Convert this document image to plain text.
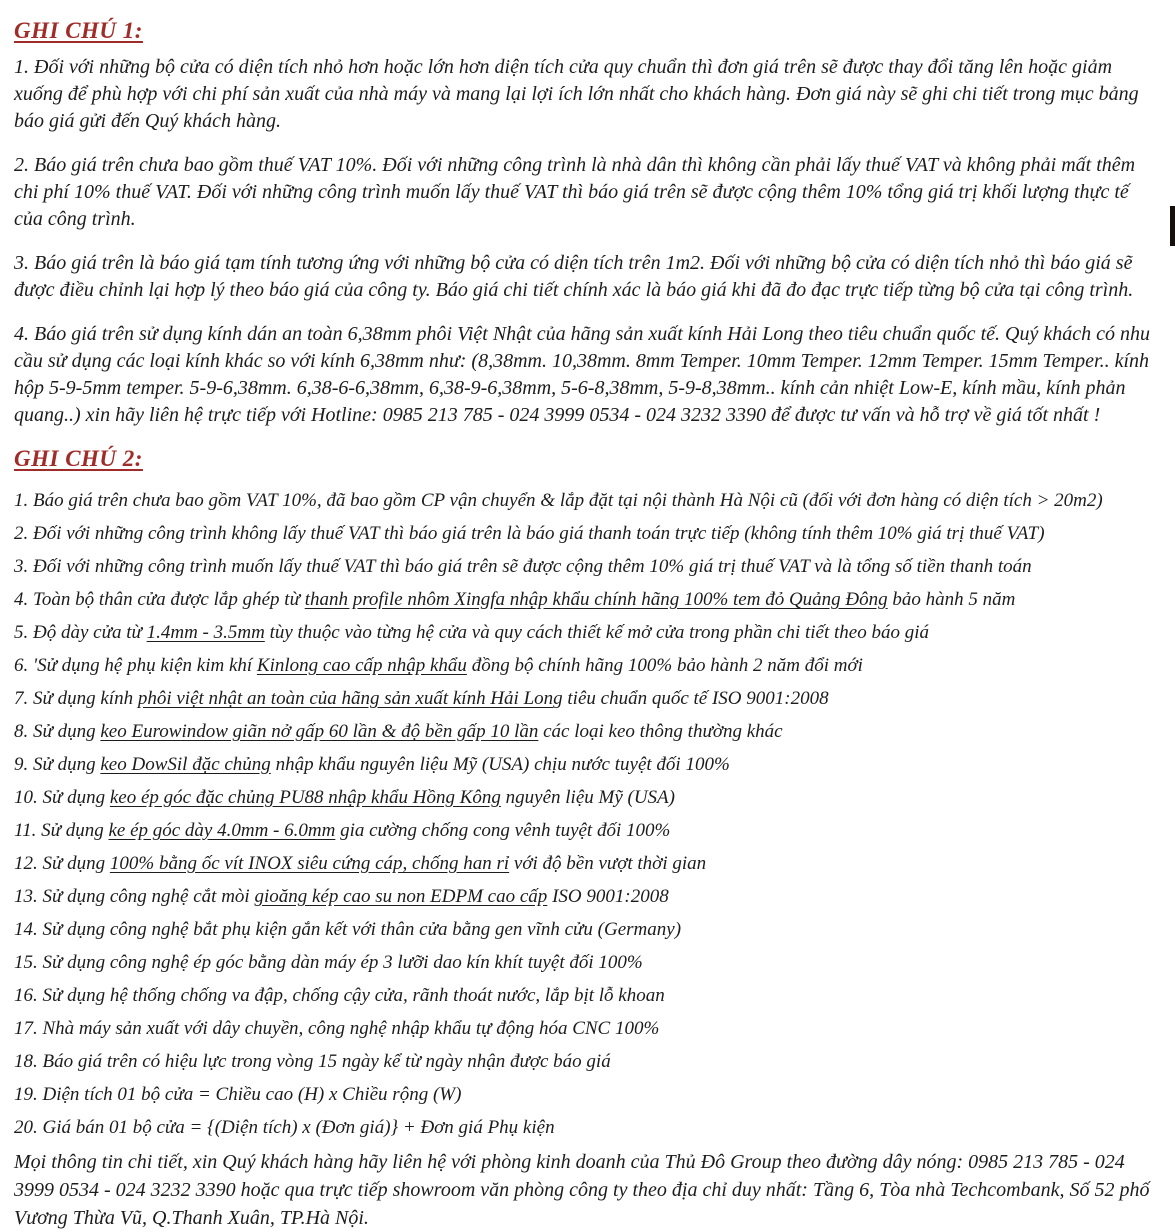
GHI CHÚ 1:

1. Đối với những bộ cửa có diện tích nhỏ hơn hoặc lớn hơn diện tích cửa quy chuẩn thì đơn giá trên sẽ được thay đổi tăng lên hoặc giảm xuống để phù hợp với chi phí sản xuất của nhà máy và mang lại lợi ích lớn nhất cho khách hàng. Đơn giá này sẽ ghi chi tiết trong mục bảng báo giá gửi đến Quý khách hàng.

2. Báo giá trên chưa bao gồm thuế VAT 10%. Đối với những công trình là nhà dân thì không cần phải lấy thuế VAT và không phải mất thêm chi phí 10% thuế VAT. Đối với những công trình muốn lấy thuế VAT thì báo giá trên sẽ được cộng thêm 10% tổng giá trị khối lượng thực tế của công trình.

3. Báo giá trên là báo giá tạm tính tương ứng với những bộ cửa có diện tích trên 1m2. Đối với những bộ cửa có diện tích nhỏ thì báo giá sẽ được điều chỉnh lại hợp lý theo báo giá của công ty. Báo giá chi tiết chính xác là báo giá khi đã đo đạc trực tiếp từng bộ cửa tại công trình.

4. Báo giá trên sử dụng kính dán an toàn 6,38mm phôi Việt Nhật của hãng sản xuất kính Hải Long theo tiêu chuẩn quốc tế. Quý khách có nhu cầu sử dụng các loại kính khác so với kính 6,38mm như: (8,38mm. 10,38mm. 8mm Temper. 10mm Temper. 12mm Temper. 15mm Temper.. kính hộp 5-9-5mm temper. 5-9-6,38mm. 6,38-6-6,38mm, 6,38-9-6,38mm, 5-6-8,38mm, 5-9-8,38mm.. kính cản nhiệt Low-E, kính mầu, kính phản quang..) xin hãy liên hệ trực tiếp với Hotline: 0985 213 785 - 024 3999 0534 - 024 3232 3390 để được tư vấn và hỗ trợ về giá tốt nhất !

GHI CHÚ 2:
1. Báo giá trên chưa bao gồm VAT 10%, đã bao gồm CP vận chuyển & lắp đặt tại nội thành Hà Nội cũ (đối với đơn hàng có diện tích > 20m2)
2. Đối với những công trình không lấy thuế VAT thì báo giá trên là báo giá thanh toán trực tiếp (không tính thêm 10% giá trị thuế VAT)
3. Đối với những công trình muốn lấy thuế VAT thì báo giá trên sẽ được cộng thêm 10% giá trị thuế VAT và là tổng số tiền thanh toán
4. Toàn bộ thân cửa được lắp ghép từ thanh profile nhôm Xingfa nhập khẩu chính hãng 100% tem đỏ Quảng Đông bảo hành 5 năm
5. Độ dày cửa từ 1.4mm - 3.5mm tùy thuộc vào từng hệ cửa và quy cách thiết kế mở cửa trong phần chi tiết theo báo giá
6. 'Sử dụng hệ phụ kiện kim khí Kinlong cao cấp nhập khẩu đồng bộ chính hãng 100% bảo hành 2 năm đổi mới
7. Sử dụng kính phôi việt nhật an toàn của hãng sản xuất kính Hải Long tiêu chuẩn quốc tế ISO 9001:2008
8. Sử dụng keo Eurowindow giãn nở gấp 60 lần & độ bền gấp 10 lần các loại keo thông thường khác
9. Sử dụng keo DowSil đặc chủng nhập khẩu nguyên liệu Mỹ (USA) chịu nước tuyệt đối 100%
10. Sử dụng keo ép góc đặc chủng PU88 nhập khẩu Hồng Kông nguyên liệu Mỹ (USA)
11. Sử dụng ke ép góc dày 4.0mm - 6.0mm gia cường chống cong vênh tuyệt đối 100%
12. Sử dụng 100% bằng ốc vít INOX siêu cứng cáp, chống han rỉ với độ bền vượt thời gian
13. Sử dụng công nghệ cắt mòi gioăng kép cao su non EDPM cao cấp ISO 9001:2008
14. Sử dụng công nghệ bắt phụ kiện gắn kết với thân cửa bằng gen vĩnh cửu (Germany)
15. Sử dụng công nghệ ép góc bằng dàn máy ép 3 lưỡi dao kín khít tuyệt đối 100%
16. Sử dụng hệ thống chống va đập, chống cậy cửa, rãnh thoát nước, lắp bịt lỗ khoan
17. Nhà máy sản xuất với dây chuyền, công nghệ nhập khẩu tự động hóa CNC 100%
18. Báo giá trên có hiệu lực trong vòng 15 ngày kể từ ngày nhận được báo giá
19. Diện tích 01 bộ cửa = Chiều cao (H) x Chiều rộng (W)
20. Giá bán 01 bộ cửa = {(Diện tích) x (Đơn giá)} + Đơn giá Phụ kiện

Mọi thông tin chi tiết, xin Quý khách hàng hãy liên hệ với phòng kinh doanh của Thủ Đô Group theo đường dây nóng: 0985 213 785 - 024 3999 0534 - 024 3232 3390 hoặc qua trực tiếp showroom văn phòng công ty theo địa chỉ duy nhất: Tầng 6, Tòa nhà Techcombank, Số 52 phố Vương Thừa Vũ, Q.Thanh Xuân, TP.Hà Nội.
